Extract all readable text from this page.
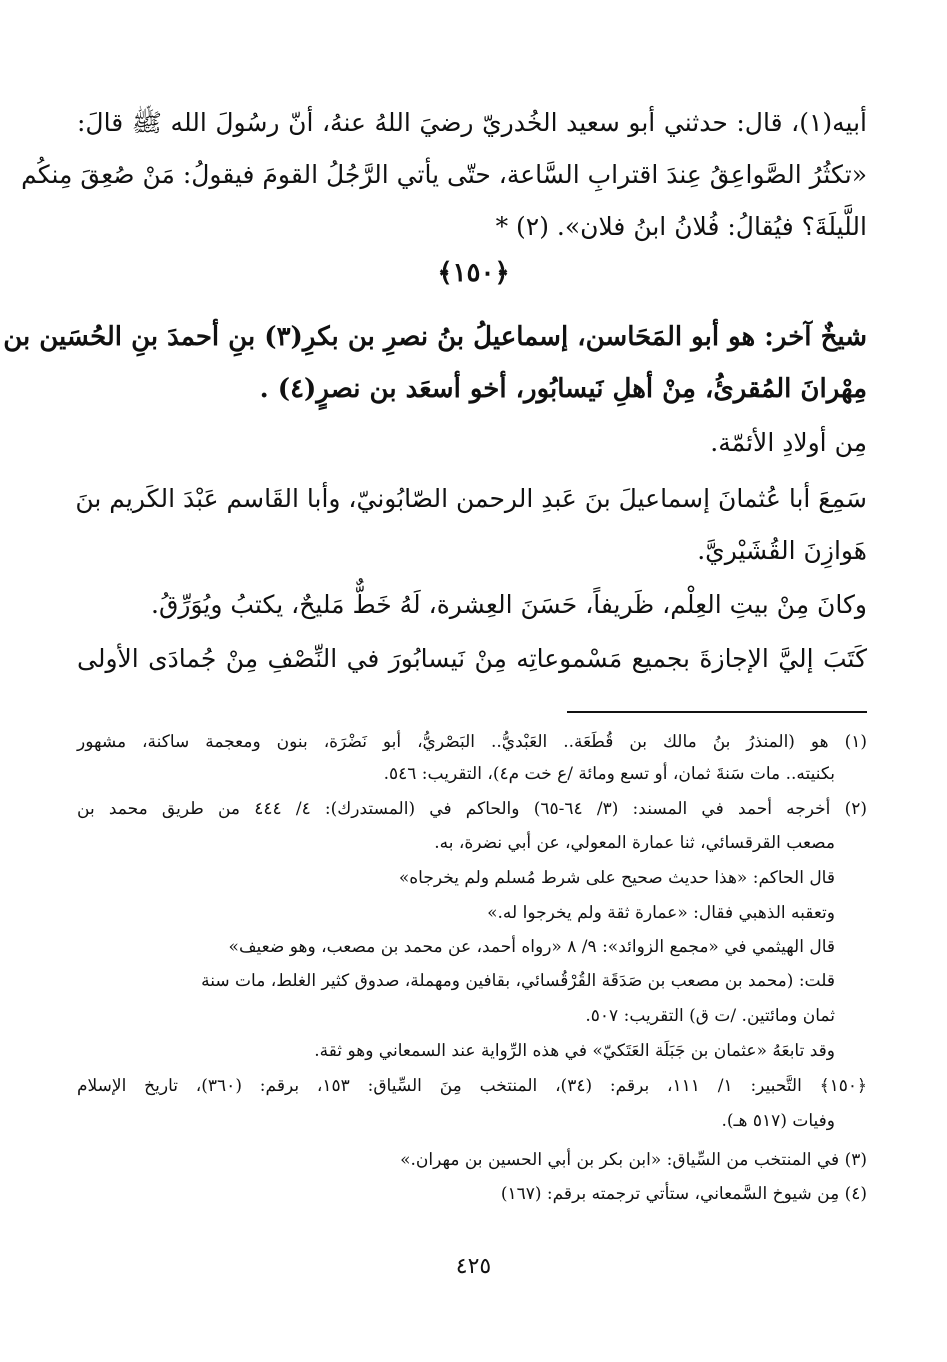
أبيه(١)، قال: حدثني أبو سعيد الخُدريّ رضيَ اللهُ عنهُ، أنّ رسُولَ الله ﷺ قالَ:
«تكثُرُ الصَّواعِقُ عِندَ اقترابِ السَّاعة، حتّى يأتي الرَّجُلُ القومَ فيقولُ: مَنْ صُعِقَ مِنكُم
اللَّيلَةَ؟ فيُقالُ: فُلانُ ابنُ فلان». (٢) *
﴿١٥٠﴾
شيخٌ آخر: هو أبو المَحَاسن، إسماعيلُ بنُ نصرِ بن بكرِ(٣) بنِ أحمدَ بنِ الحُسَين بن
مِهْرانَ المُقرئُ، مِنْ أهلِ نَيسابُور، أخو أسعَد بن نصرٍ(٤) .
مِن أولادِ الأئمّة.
سَمِعَ أبا عُثمانَ إسماعيلَ بنَ عَبدِ الرحمن الصّابُونيّ، وأبا القَاسم عَبْدَ الكَريم بنَ
هَوازِنَ القُشَيْريَّ.
وكانَ مِنْ بيتِ العِلْم، ظَريفاً، حَسَنَ العِشرة، لَهُ خَطٌّ مَليحٌ، يكتبُ ويُوَرِّقُ.
كَتَبَ إليَّ الإجازةَ بجميع مَسْموعاتِه مِنْ نَيسابُورَ في النِّصْفِ مِنْ جُمادَى الأولى
(١) هو (المنذرُ بنُ مالك بن قُطَعَة.. العَبْديُّ.. البَصْريُّ، أبو نَضْرَة، بنون ومعجمة ساكنة، مشهور
بكنيته.. مات سَنةَ ثمان، أو تسع ومائة /ع خت م٤)، التقريب: ٥٤٦.
(٢) أخرجه أحمد في المسند: (٣/ ٦٤-٦٥) والحاكم في (المستدرك): ٤/ ٤٤٤ من طريق محمد بن
مصعب القرقسائي، ثنا عمارة المعولي، عن أبي نضرة، به.
قال الحاكم: «هذا حديث صحيح على شرط مُسلم ولم يخرجاه»
وتعقبه الذهبي فقال: «عمارة ثقة ولم يخرجوا له.»
قال الهيثمي في «مجمع الزوائد»: ٩/ ٨ «رواه أحمد، عن محمد بن مصعب، وهو ضعيف»
قلت: (محمد بن مصعب بن صَدَقَة القُرْقُسائي، بقافين ومهملة، صدوق كثير الغلط، مات سنة
ثمان ومائتين. /ت ق) التقريب: ٥٠٧.
وقد تابعَهُ «عثمان بن جَبَلَة العَتَكيّ» في هذه الرِّواية عند السمعاني وهو ثقة.
﴿١٥٠﴾ التَّحبير: ١/ ١١١، برقم: (٣٤)، المنتخب مِنَ السِّياق: ١٥٣، برقم: (٣٦٠)، تاريخ الإسلام
وفيات (٥١٧ هـ).
(٣) في المنتخب من السِّياق: «ابن بكر بن أبي الحسين بن مهران.»
(٤) مِن شيوخ السَّمعاني، ستأتي ترجمته برقم: (١٦٧)
٤٢٥
